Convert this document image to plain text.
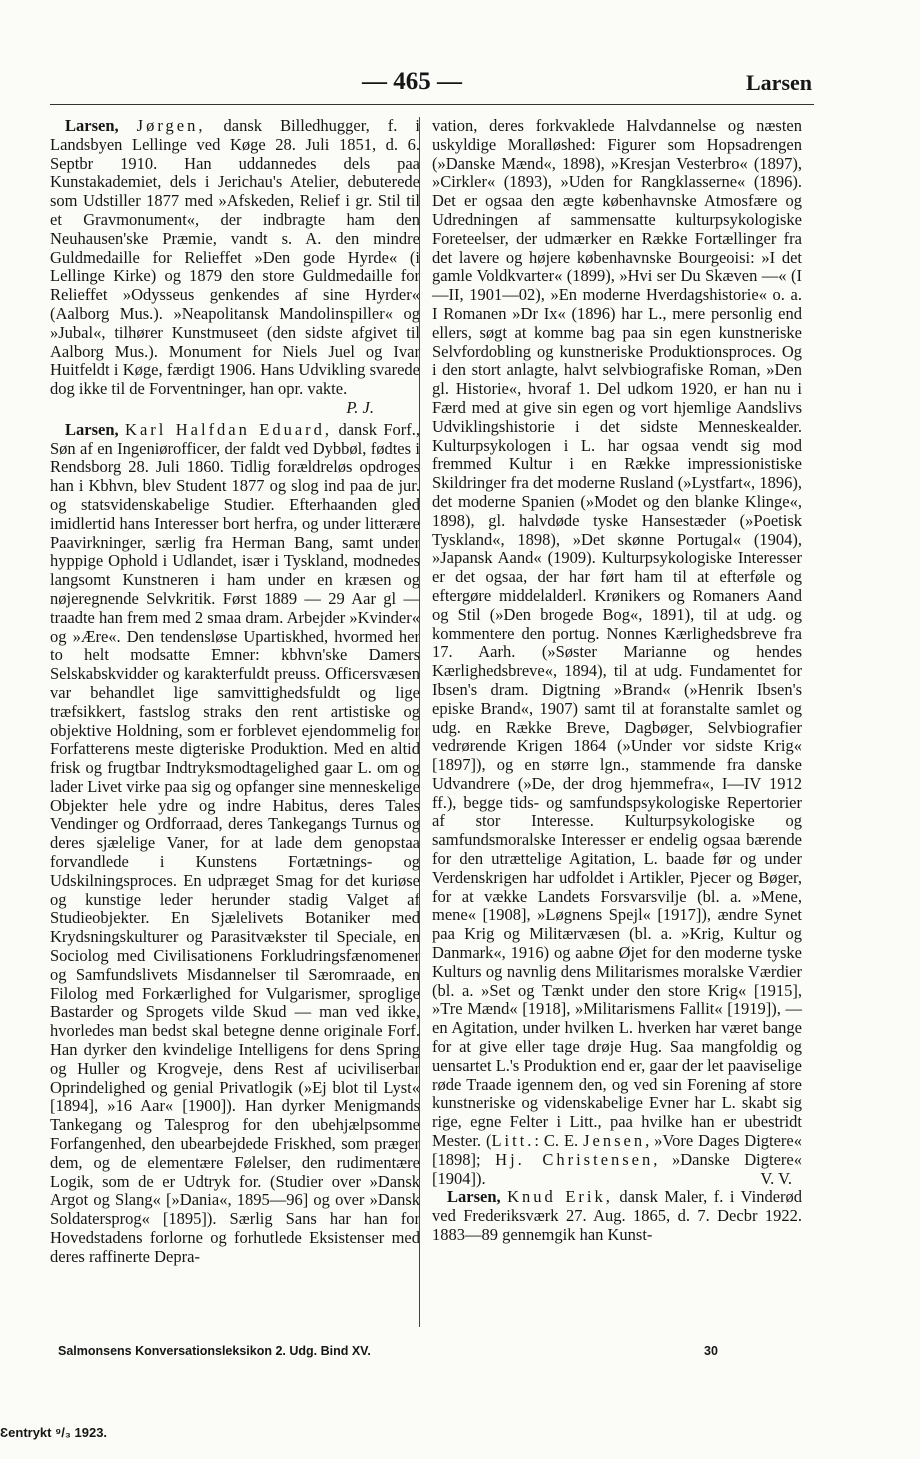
— 465 —	Larsen

Larsen, Jørgen, dansk Billedhugger, f. i Landsbyen Lellinge ved Køge 28. Juli 1851, d. 6. Septbr 1910. Han uddannedes dels paa Kunstakademiet, dels i Jerichau's Atelier, debuterede som Udstiller 1877 med »Afskeden, Relief i gr. Stil til et Gravmonument«, der indbragte ham den Neuhausen'ske Præmie, vandt s. A. den mindre Guldmedaille for Relieffet »Den gode Hyrde« (i Lellinge Kirke) og 1879 den store Guldmedaille for Relieffet »Odysseus genkendes af sine Hyrder« (Aalborg Mus.). »Neapolitansk Mandolinspiller« og »Jubal«, tilhører Kunstmuseet (den sidste afgivet til Aalborg Mus.). Monument for Niels Juel og Ivar Huitfeldt i Køge, færdigt 1906. Hans Udvikling svarede dog ikke til de Forventninger, han opr. vakte.

P. J.

Larsen, Karl Halfdan Eduard, dansk Forf., Søn af en Ingeniørofficer, der faldt ved Dybbøl, fødtes i Rendsborg 28. Juli 1860. Tidlig forældreløs opdroges han i Kbhvn, blev Student 1877 og slog ind paa de jur. og statsvidenskabelige Studier. Efterhaanden gled imidlertid hans Interesser bort herfra, og under litterære Paavirkninger, særlig fra Herman Bang, samt under hyppige Ophold i Udlandet, især i Tyskland, modnedes langsomt Kunstneren i ham under en kræsen og nøjeregnende Selvkritik. Først 1889 — 29 Aar gl — traadte han frem med 2 smaa dram. Arbejder »Kvinder« og »Ære«. Den tendensløse Upartiskhed, hvormed her to helt modsatte Emner: kbhvn'ske Damers Selskabskvidder og karakterfuldt preuss. Officersvæsen var behandlet lige samvittighedsfuldt og lige træfsikkert, fastslog straks den rent artistiske og objektive Holdning, som er forblevet ejendommelig for Forfatterens meste digteriske Produktion. Med en altid frisk og frugtbar Indtryksmodtagelighed gaar L. om og lader Livet virke paa sig og opfanger sine menneskelige Objekter hele ydre og indre Habitus, deres Tales Vendinger og Ordforraad, deres Tankegangs Turnus og deres sjælelige Vaner, for at lade dem genopstaa forvandlede i Kunstens Fortætnings- og Udskilningsproces. En udpræget Smag for det kuriøse og kunstige leder herunder stadig Valget af Studieobjekter. En Sjælelivets Botaniker med Krydsningskulturer og Parasitvækster til Speciale, en Sociolog med Civilisationens Forkludringsfænomener og Samfundslivets Misdannelser til Særomraade, en Filolog med Forkærlighed for Vulgarismer, sproglige Bastarder og Sprogets vilde Skud — man ved ikke, hvorledes man bedst skal betegne denne originale Forf. Han dyrker den kvindelige Intelligens for dens Spring og Huller og Krogveje, dens Rest af uciviliserbar Oprindelighed og genial Privatlogik (»Ej blot til Lyst« [1894], »16 Aar« [1900]). Han dyrker Menigmands Tankegang og Talesprog for den ubehjælpsomme Forfangenhed, den ubearbejdede Friskhed, som præger dem, og de elementære Følelser, den rudimentære Logik, som de er Udtryk for. (Studier over »Dansk Argot og Slang« [»Dania«, 1895—96] og over »Dansk Soldatersprog« [1895]). Særlig Sans har han for Hovedstadens forlorne og forhutlede Eksistenser med deres raffinerte Depra-

vation, deres forkvaklede Halvdannelse og næsten uskyldige Moralløshed: Figurer som Hopsadrengen (»Danske Mænd«, 1898), »Kresjan Vesterbro« (1897), »Cirkler« (1893), »Uden for Rangklasserne« (1896). Det er ogsaa den ægte københavnske Atmosfære og Udredningen af sammensatte kulturpsykologiske Foreteelser, der udmærker en Række Fortællinger fra det lavere og højere københavnske Bourgeoisi: »I det gamle Voldkvarter« (1899), »Hvi ser Du Skæven —« (I—II, 1901—02), »En moderne Hverdagshistorie« o. a. I Romanen »Dr Ix« (1896) har L., mere personlig end ellers, søgt at komme bag paa sin egen kunstneriske Selvfordobling og kunstneriske Produktionsproces. Og i den stort anlagte, halvt selvbiografiske Roman, »Den gl. Historie«, hvoraf 1. Del udkom 1920, er han nu i Færd med at give sin egen og vort hjemlige Aandslivs Udviklingshistorie i det sidste Menneskealder. Kulturpsykologen i L. har ogsaa vendt sig mod fremmed Kultur i en Række impressionistiske Skildringer fra det moderne Rusland (»Lystfart«, 1896), det moderne Spanien (»Modet og den blanke Klinge«, 1898), gl. halvdøde tyske Hansestæder (»Poetisk Tyskland«, 1898), »Det skønne Portugal« (1904), »Japansk Aand« (1909). Kulturpsykologiske Interesser er det ogsaa, der har ført ham til at efterføle og eftergøre middelalderl. Krønikers og Romaners Aand og Stil (»Den brogede Bog«, 1891), til at udg. og kommentere den portug. Nonnes Kærlighedsbreve fra 17. Aarh. (»Søster Marianne og hendes Kærlighedsbreve«, 1894), til at udg. Fundamentet for Ibsen's dram. Digtning »Brand« (»Henrik Ibsen's episke Brand«, 1907) samt til at foranstalte samlet og udg. en Række Breve, Dagbøger, Selvbiografier vedrørende Krigen 1864 (»Under vor sidste Krig« [1897]), og en større lgn., stammende fra danske Udvandrere (»De, der drog hjemmefra«, I—IV 1912 ff.), begge tids- og samfundspsykologiske Repertorier af stor Interesse. Kulturpsykologiske og samfundsmoralske Interesser er endelig ogsaa bærende for den utrættelige Agitation, L. baade før og under Verdenskrigen har udfoldet i Artikler, Pjecer og Bøger, for at vække Landets Forsvarsvilje (bl. a. »Mene, mene« [1908], »Løgnens Spejl« [1917]), ændre Synet paa Krig og Militærvæsen (bl. a. »Krig, Kultur og Danmark«, 1916) og aabne Øjet for den moderne tyske Kulturs og navnlig dens Militarismes moralske Værdier (bl. a. »Set og Tænkt under den store Krig« [1915], »Tre Mænd« [1918], »Militarismens Fallit« [1919]), — en Agitation, under hvilken L. hverken har været bange for at give eller tage drøje Hug. Saa mangfoldig og uensartet L.'s Produktion end er, gaar der let paaviselige røde Traade igennem den, og ved sin Forening af store kunstneriske og videnskabelige Evner har L. skabt sig rige, egne Felter i Litt., paa hvilke han er ubestridt Mester. (Litt.: C. E. Jensen, »Vore Dages Digtere« [1898]; Hj. Christensen, »Danske Digtere« [1904]).	V. V.

Larsen, Knud Erik, dansk Maler, f. i Vinderød ved Frederiksværk 27. Aug. 1865, d. 7. Decbr 1922. 1883—89 gennemgik han Kunst-

Salmonsens Konversationsleksikon 2. Udg. Bind XV.	30
Ɛentrykt ⁹/₃ 1923.
